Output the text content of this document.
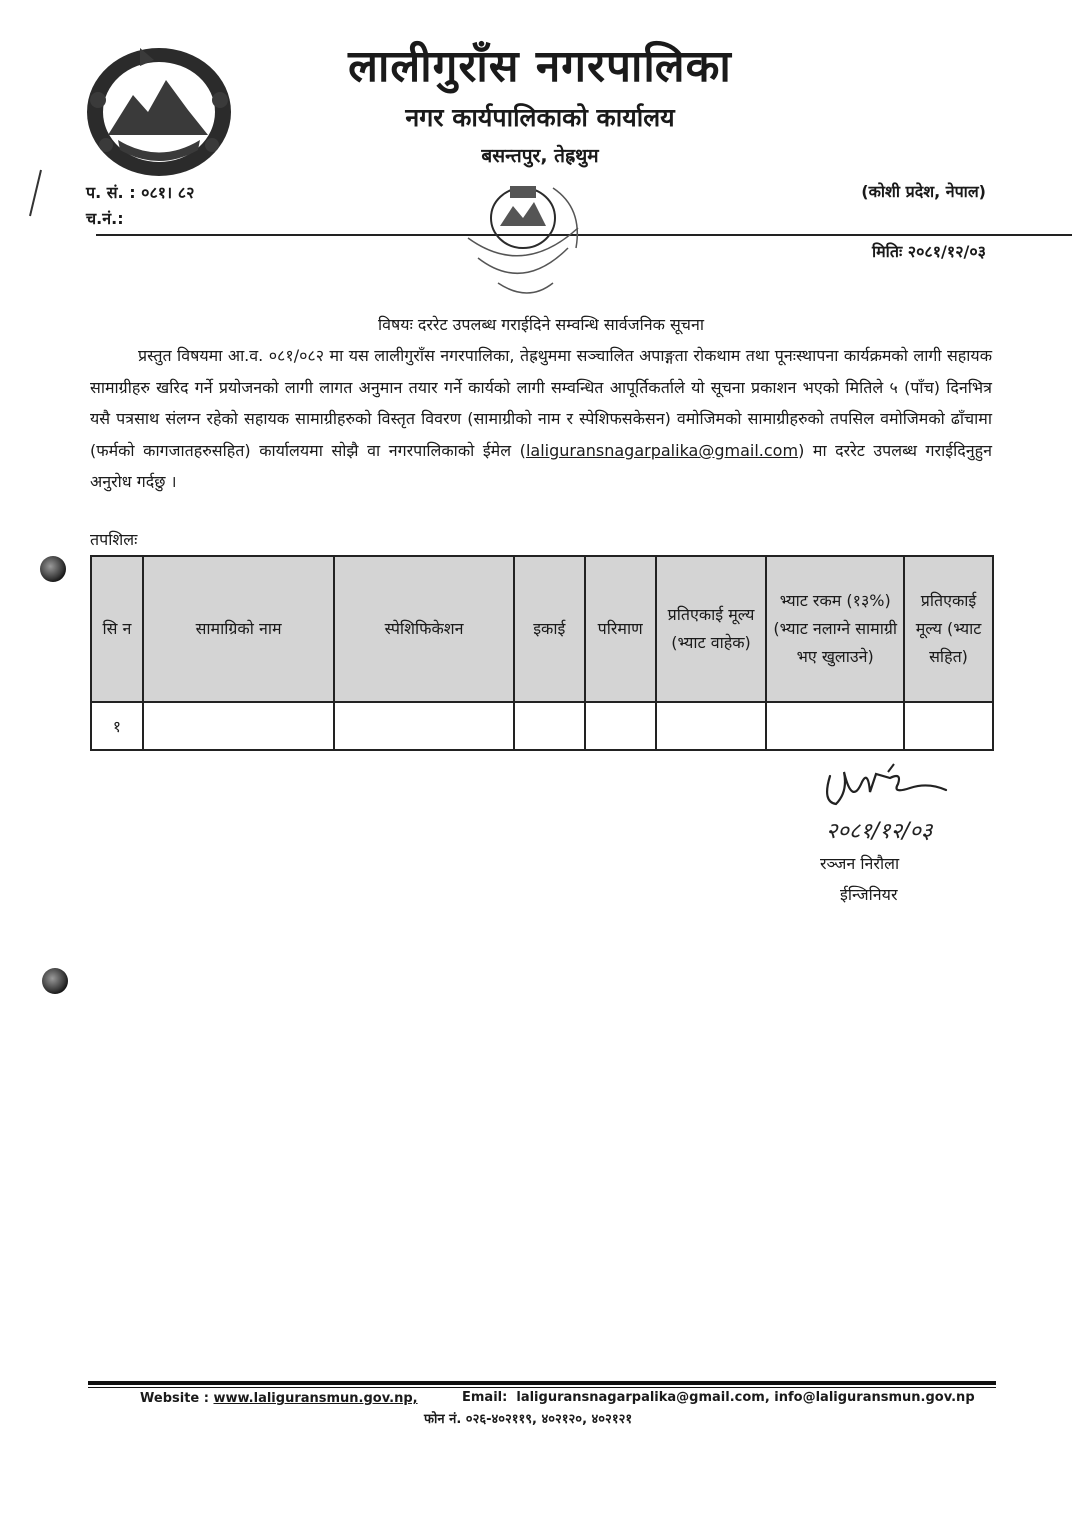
लालीगुराँस नगरपालिका
नगर कार्यपालिकाको कार्यालय
बसन्तपुर, तेह्रथुम
प. सं. : ०८१। ८२
च.नं.:
(कोशी प्रदेश, नेपाल)
मितिः २०८१/१२/०३
विषयः दररेट उपलब्ध गराईदिने सम्वन्धि सार्वजनिक सूचना
   प्रस्तुत विषयमा आ.व. ०८१/०८२ मा यस लालीगुराँस नगरपालिका, तेह्रथुममा सञ्चालित अपाङ्गता रोकथाम तथा पूनःस्थापना कार्यक्रमको लागी सहायक सामाग्रीहरु खरिद गर्ने प्रयोजनको लागी लागत अनुमान तयार गर्ने कार्यको लागी सम्वन्धित आपूर्तिकर्ताले यो सूचना प्रकाशन भएको मितिले ५ (पाँच) दिनभित्र यसै पत्रसाथ संलग्न रहेको सहायक सामाग्रीहरुको विस्तृत विवरण (सामाग्रीको नाम र स्पेशिफसकेसन) वमोजिमको सामाग्रीहरुको तपसिल वमोजिमको ढाँचामा (फर्मको कागजातहरुसहित) कार्यालयमा सोझै वा नगरपालिकाको ईमेल (laliguransnagarpalika@gmail.com) मा दररेट उपलब्ध गराईदिनुहुन अनुरोध गर्दछु ।
तपशिलः
सि न	सामाग्रिको नाम	स्पेशिफिकेशन	इकाई	परिमाण	प्रतिएकाई मूल्य (भ्याट वाहेक)	भ्याट रकम (१३%) (भ्याट नलाग्ने सामाग्री भए खुलाउने)	प्रतिएकाई मूल्य (भ्याट सहित)
१							
२०८१/१२/०३
रञ्जन निरौला
ईन्जिनियर
Website : www.laliguransmun.gov.np,	Email: laliguransnagarpalika@gmail.com, info@laliguransmun.gov.np
फोन नं. ०२६-४०२११९, ४०२१२०, ४०२१२१
